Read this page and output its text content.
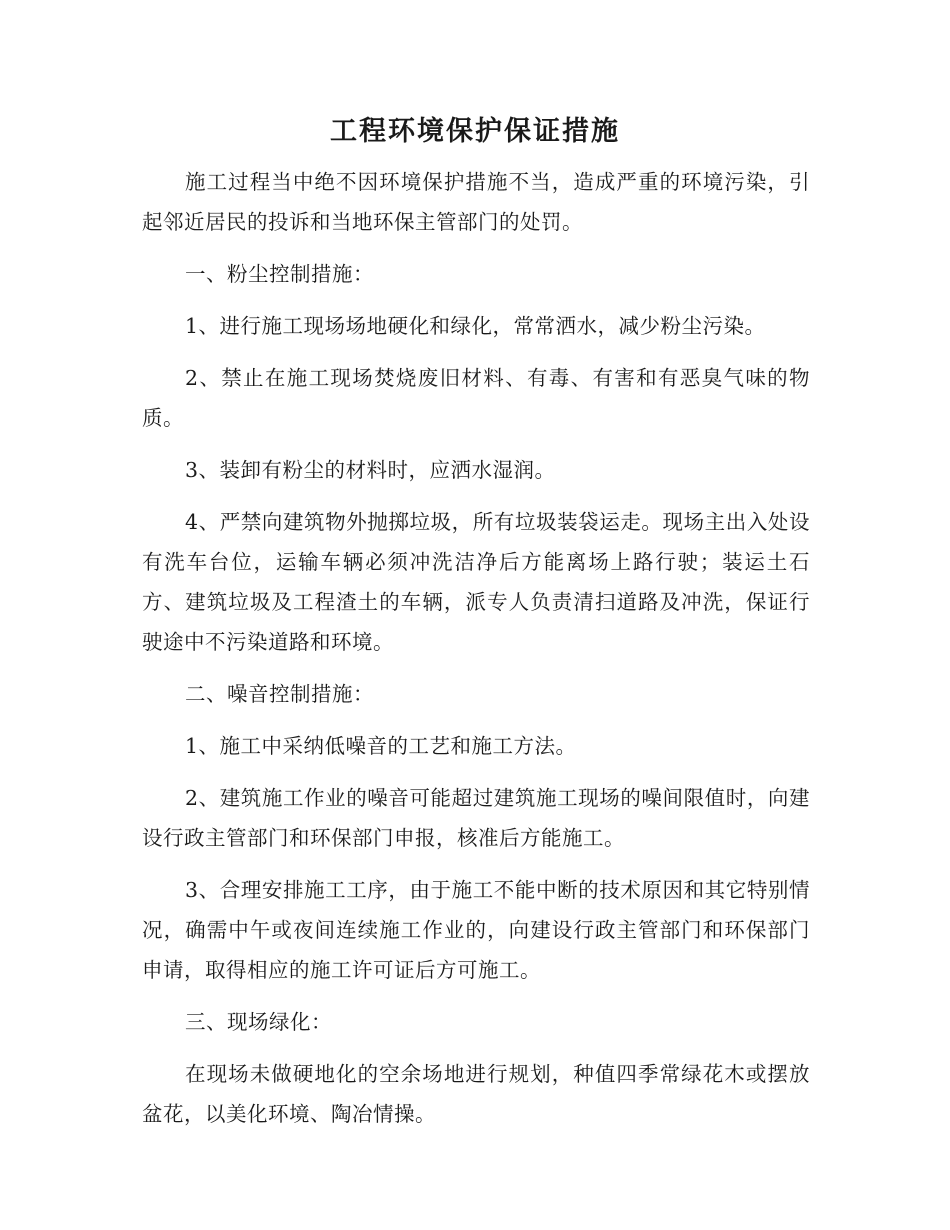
工程环境保护保证措施

施工过程当中绝不因环境保护措施不当，造成严重的环境污染，引起邻近居民的投诉和当地环保主管部门的处罚。

一、粉尘控制措施：

1、进行施工现场场地硬化和绿化，常常洒水，减少粉尘污染。

2、禁止在施工现场焚烧废旧材料、有毒、有害和有恶臭气味的物质。

3、装卸有粉尘的材料时，应洒水湿润。

4、严禁向建筑物外抛掷垃圾，所有垃圾装袋运走。现场主出入处设有洗车台位，运输车辆必须冲洗洁净后方能离场上路行驶；装运土石方、建筑垃圾及工程渣土的车辆，派专人负责清扫道路及冲洗，保证行驶途中不污染道路和环境。

二、噪音控制措施：

1、施工中采纳低噪音的工艺和施工方法。

2、建筑施工作业的噪音可能超过建筑施工现场的噪间限值时，向建设行政主管部门和环保部门申报，核准后方能施工。

3、合理安排施工工序，由于施工不能中断的技术原因和其它特别情况，确需中午或夜间连续施工作业的，向建设行政主管部门和环保部门申请，取得相应的施工许可证后方可施工。

三、现场绿化：

在现场未做硬地化的空余场地进行规划，种值四季常绿花木或摆放盆花，以美化环境、陶冶情操。
